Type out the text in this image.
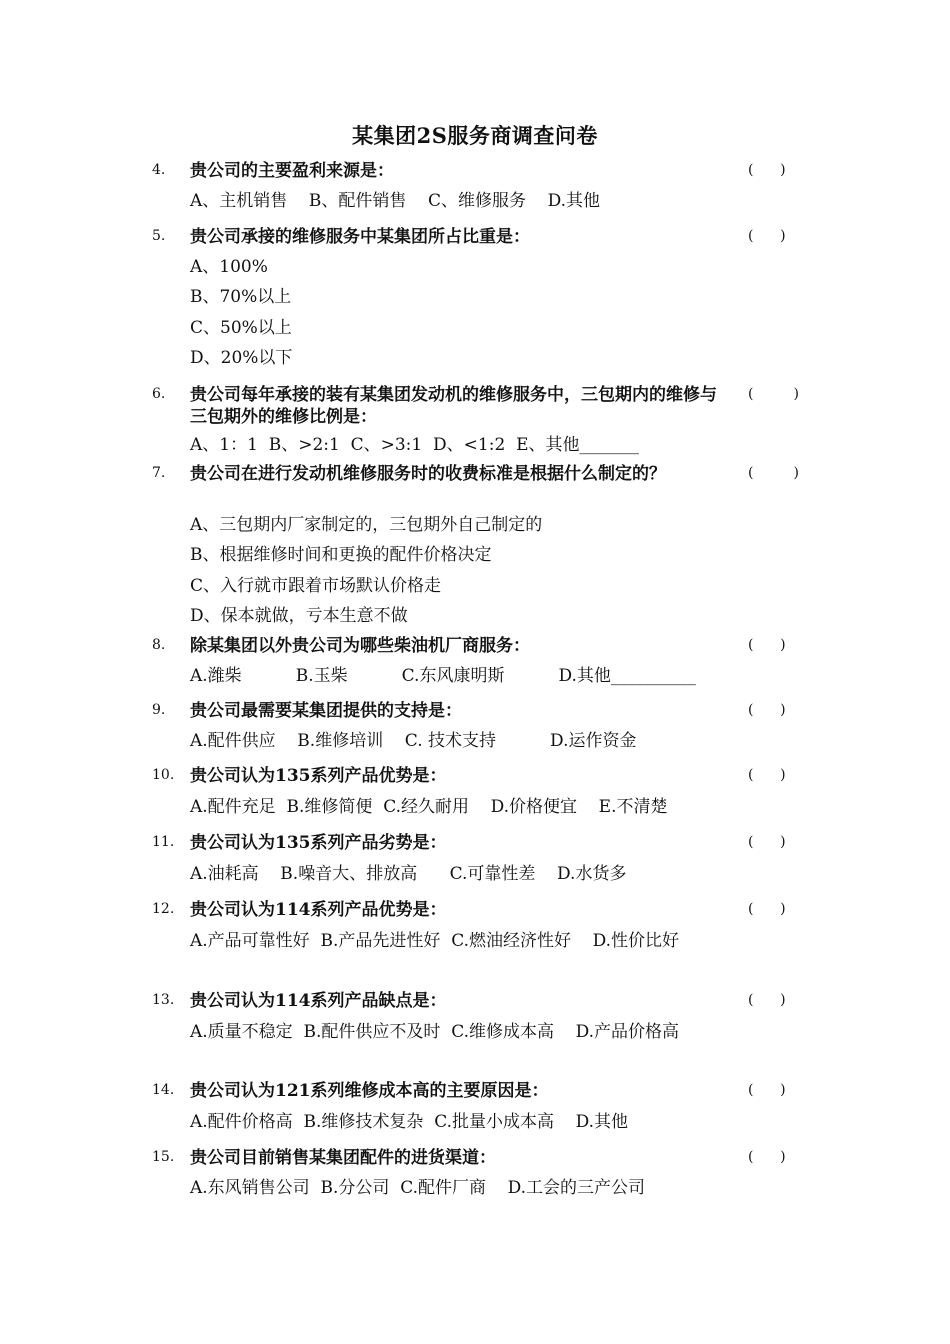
某集团2S服务商调查问卷
4. 贵公司的主要盈利来源是：	(      )
A、主机销售    B、配件销售    C、维修服务    D.其他
5. 贵公司承接的维修服务中某集团所占比重是：	(      )
A、100%
B、70%以上
C、50%以上
D、20%以下
6. 贵公司每年承接的装有某集团发动机的维修服务中，三包期内的维修与三包期外的维修比例是：
(         )
A、1：1  B、>2:1  C、>3:1  D、<1:2  E、其他_______
7. 贵公司在进行发动机维修服务时的收费标准是根据什么制定的？	(         )
A、三包期内厂家制定的，三包期外自己制定的
B、根据维修时间和更换的配件价格决定
C、入行就市跟着市场默认价格走
D、保本就做，亏本生意不做
8. 除某集团以外贵公司为哪些柴油机厂商服务：	(      )
A.潍柴          B.玉柴          C.东风康明斯          D.其他__________
9. 贵公司最需要某集团提供的支持是：	(      )
A.配件供应    B.维修培训    C. 技术支持          D.运作资金
10. 贵公司认为135系列产品优势是：	(      )
A.配件充足  B.维修简便  C.经久耐用    D.价格便宜    E.不清楚
11. 贵公司认为135系列产品劣势是：	(      )
A.油耗高    B.噪音大、排放高      C.可靠性差    D.水货多
12. 贵公司认为114系列产品优势是：	(      )
A.产品可靠性好  B.产品先进性好  C.燃油经济性好    D.性价比好
13. 贵公司认为114系列产品缺点是：	(      )
A.质量不稳定  B.配件供应不及时  C.维修成本高    D.产品价格高
14. 贵公司认为121系列维修成本高的主要原因是：	(      )
A.配件价格高  B.维修技术复杂  C.批量小成本高    D.其他
15. 贵公司目前销售某集团配件的进货渠道：	(      )
A.东风销售公司  B.分公司  C.配件厂商    D.工会的三产公司
